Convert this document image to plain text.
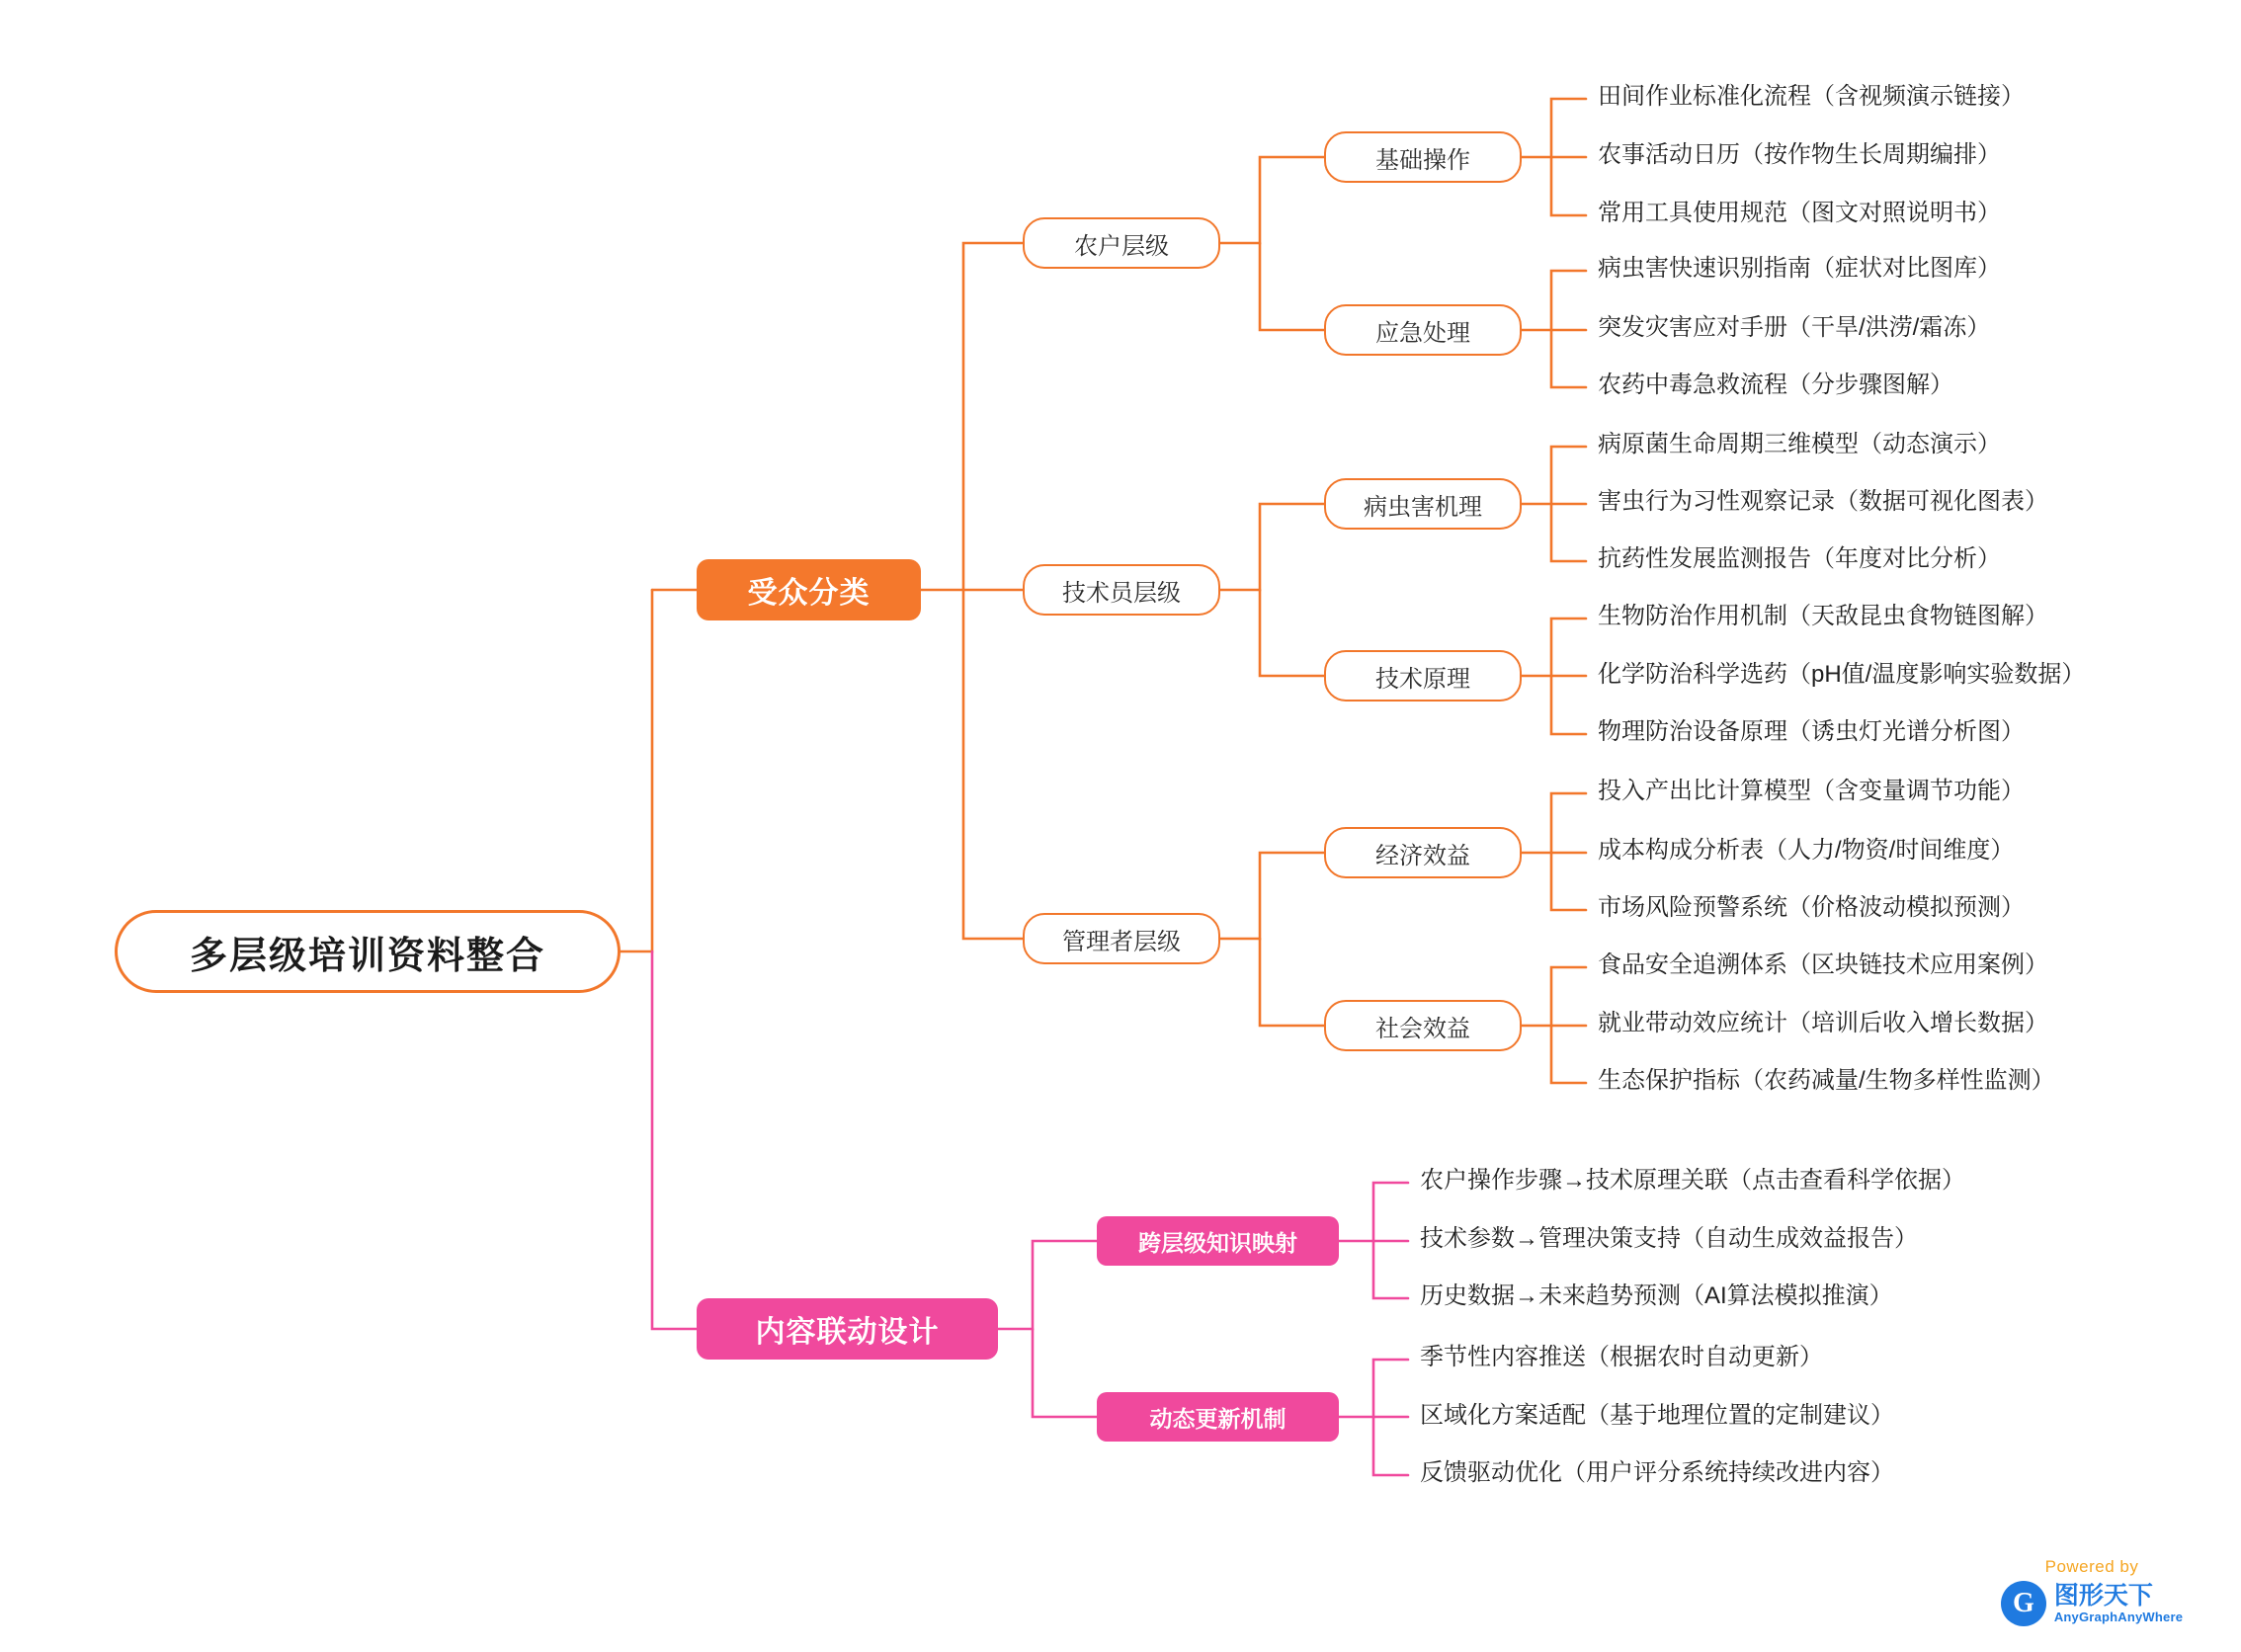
多层级培训资料整合
受众分类
内容联动设计
农户层级
技术员层级
管理者层级
基础操作
应急处理
病虫害机理
技术原理
经济效益
社会效益
跨层级知识映射
动态更新机制
田间作业标准化流程（含视频演示链接）
农事活动日历（按作物生长周期编排）
常用工具使用规范（图文对照说明书）
病虫害快速识别指南（症状对比图库）
突发灾害应对手册（干旱/洪涝/霜冻）
农药中毒急救流程（分步骤图解）
病原菌生命周期三维模型（动态演示）
害虫行为习性观察记录（数据可视化图表）
抗药性发展监测报告（年度对比分析）
生物防治作用机制（天敌昆虫食物链图解）
化学防治科学选药（pH值/温度影响实验数据）
物理防治设备原理（诱虫灯光谱分析图）
投入产出比计算模型（含变量调节功能）
成本构成分析表（人力/物资/时间维度）
市场风险预警系统（价格波动模拟预测）
食品安全追溯体系（区块链技术应用案例）
就业带动效应统计（培训后收入增长数据）
生态保护指标（农药减量/生物多样性监测）
农户操作步骤→技术原理关联（点击查看科学依据）
技术参数→管理决策支持（自动生成效益报告）
历史数据→未来趋势预测（AI算法模拟推演）
季节性内容推送（根据农时自动更新）
区域化方案适配（基于地理位置的定制建议）
反馈驱动优化（用户评分系统持续改进内容）
Powered by
G 图形天下
AnyGraphAnyWhere
